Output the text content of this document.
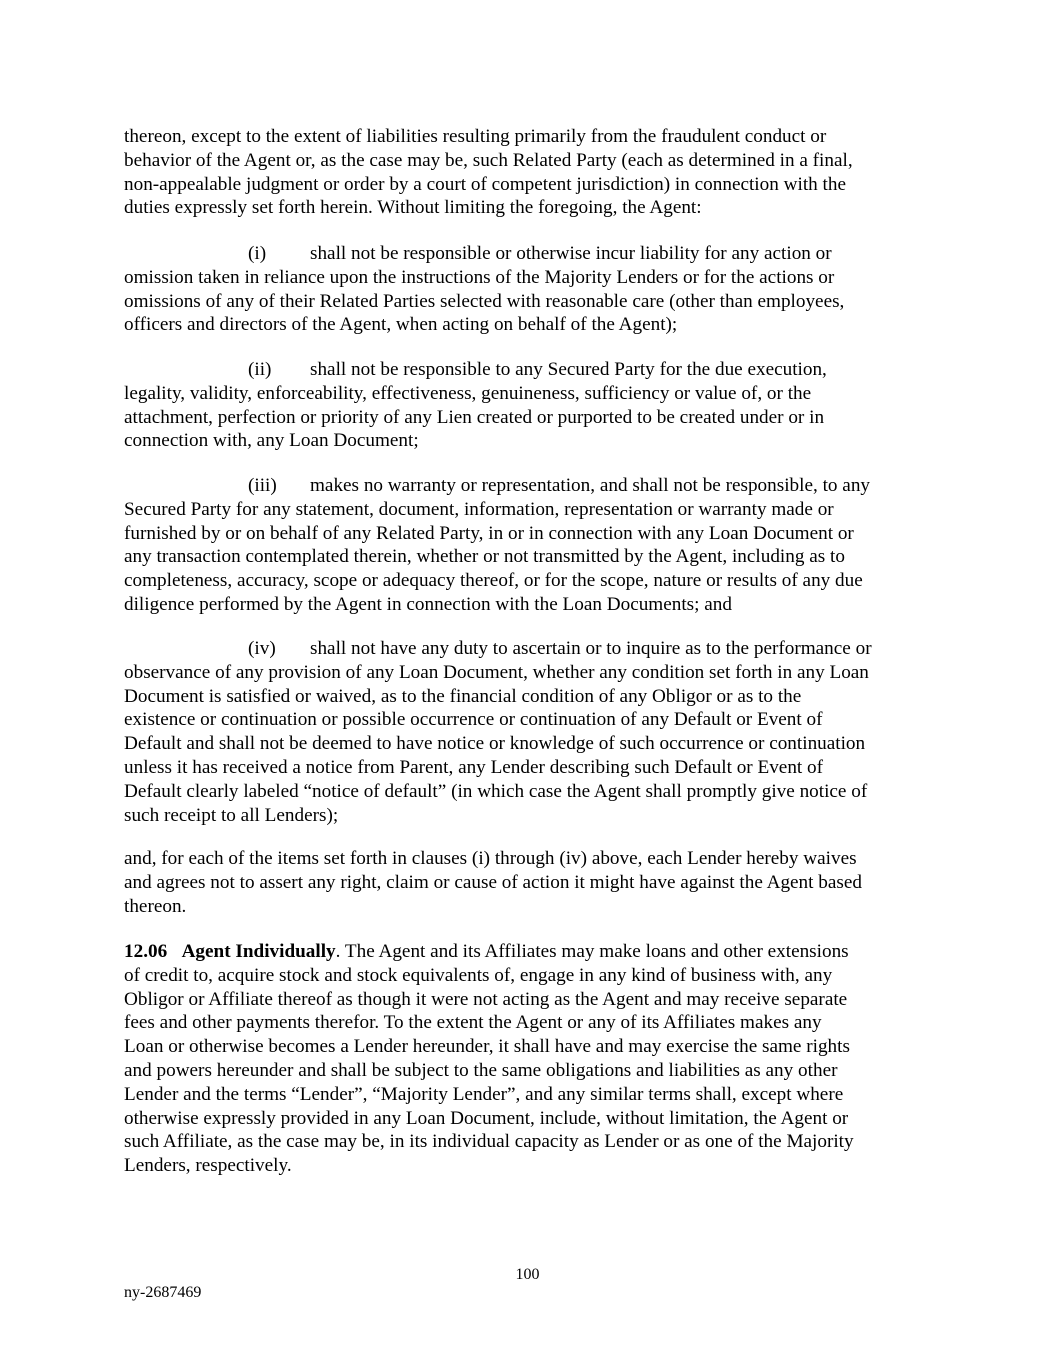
thereon, except to the extent of liabilities resulting primarily from the fraudulent conduct or
behavior of the Agent or, as the case may be, such Related Party (each as determined in a final,
non-appealable judgment or order by a court of competent jurisdiction) in connection with the
duties expressly set forth herein. Without limiting the foregoing, the Agent:
(i) shall not be responsible or otherwise incur liability for any action or
omission taken in reliance upon the instructions of the Majority Lenders or for the actions or
omissions of any of their Related Parties selected with reasonable care (other than employees,
officers and directors of the Agent, when acting on behalf of the Agent);
(ii) shall not be responsible to any Secured Party for the due execution,
legality, validity, enforceability, effectiveness, genuineness, sufficiency or value of, or the
attachment, perfection or priority of any Lien created or purported to be created under or in
connection with, any Loan Document;
(iii) makes no warranty or representation, and shall not be responsible, to any
Secured Party for any statement, document, information, representation or warranty made or
furnished by or on behalf of any Related Party, in or in connection with any Loan Document or
any transaction contemplated therein, whether or not transmitted by the Agent, including as to
completeness, accuracy, scope or adequacy thereof, or for the scope, nature or results of any due
diligence performed by the Agent in connection with the Loan Documents; and
(iv) shall not have any duty to ascertain or to inquire as to the performance or
observance of any provision of any Loan Document, whether any condition set forth in any Loan
Document is satisfied or waived, as to the financial condition of any Obligor or as to the
existence or continuation or possible occurrence or continuation of any Default or Event of
Default and shall not be deemed to have notice or knowledge of such occurrence or continuation
unless it has received a notice from Parent, any Lender describing such Default or Event of
Default clearly labeled “notice of default” (in which case the Agent shall promptly give notice of
such receipt to all Lenders);
and, for each of the items set forth in clauses (i) through (iv) above, each Lender hereby waives
and agrees not to assert any right, claim or cause of action it might have against the Agent based
thereon.
12.06 Agent Individually. The Agent and its Affiliates may make loans and other extensions
of credit to, acquire stock and stock equivalents of, engage in any kind of business with, any
Obligor or Affiliate thereof as though it were not acting as the Agent and may receive separate
fees and other payments therefor. To the extent the Agent or any of its Affiliates makes any
Loan or otherwise becomes a Lender hereunder, it shall have and may exercise the same rights
and powers hereunder and shall be subject to the same obligations and liabilities as any other
Lender and the terms “Lender”, “Majority Lender”, and any similar terms shall, except where
otherwise expressly provided in any Loan Document, include, without limitation, the Agent or
such Affiliate, as the case may be, in its individual capacity as Lender or as one of the Majority
Lenders, respectively.
100
ny-2687469
